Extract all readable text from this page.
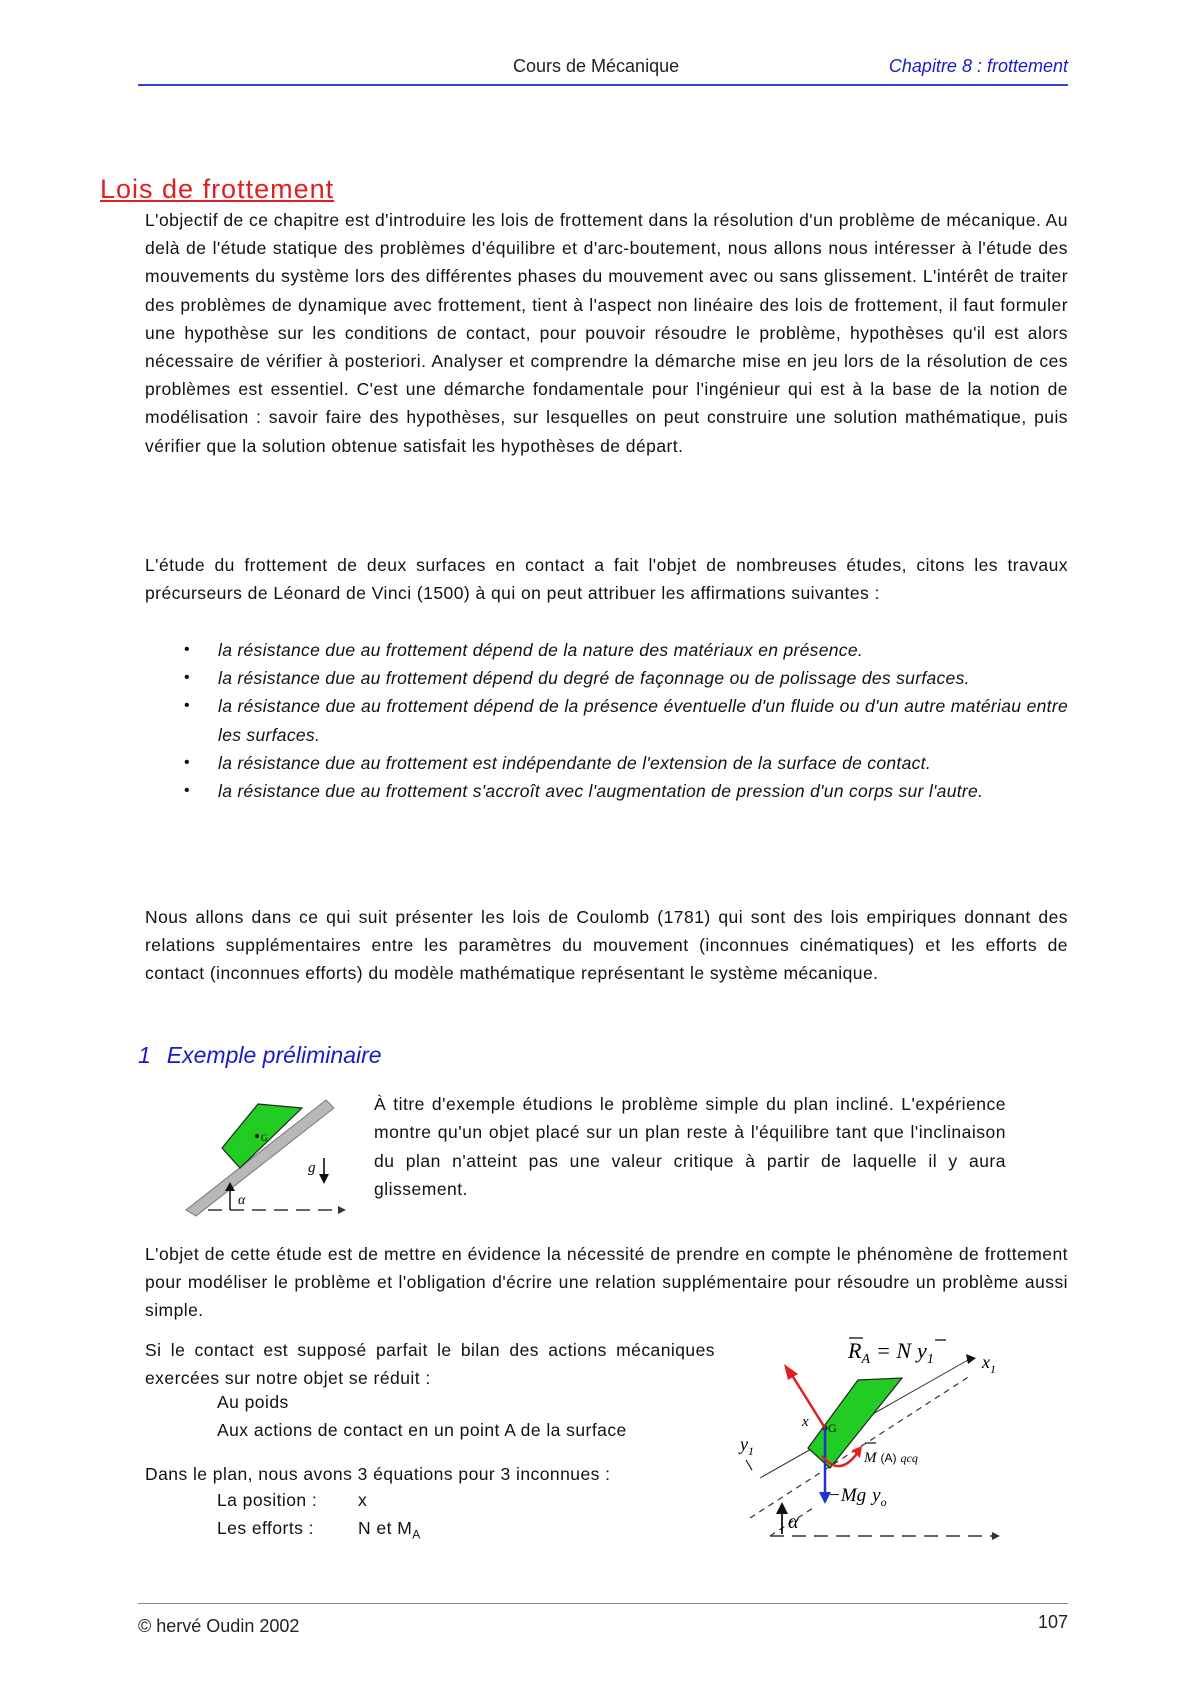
Cours de Mécanique	Chapitre 8 : frottement
Lois de frottement

L'objectif de ce chapitre est d'introduire les lois de frottement dans la résolution d'un problème de mécanique. Au delà de l'étude statique des problèmes d'équilibre et d'arc-boutement, nous allons nous intéresser à l'étude des mouvements du système lors des différentes phases du mouvement avec ou sans glissement. L'intérêt de traiter des problèmes de dynamique avec frottement, tient à l'aspect non linéaire des lois de frottement, il faut formuler une hypothèse sur les conditions de contact, pour pouvoir résoudre le problème, hypothèses qu'il est alors nécessaire de vérifier à posteriori. Analyser et comprendre la démarche mise en jeu lors de la résolution de ces problèmes est essentiel. C'est une démarche fondamentale pour l'ingénieur qui est à la base de la notion de modélisation : savoir faire des hypothèses, sur lesquelles on peut construire une solution mathématique, puis vérifier que la solution obtenue satisfait les hypothèses de départ.

L'étude du frottement de deux surfaces en contact a fait l'objet de nombreuses études, citons les travaux précurseurs de Léonard de Vinci (1500) à qui on peut attribuer les affirmations suivantes :

• la résistance due au frottement dépend de la nature des matériaux en présence.
• la résistance due au frottement dépend du degré de façonnage ou de polissage des surfaces.
• la résistance due au frottement dépend de la présence éventuelle d'un fluide ou d'un autre matériau entre les surfaces.
• la résistance due au frottement est indépendante de l'extension de la surface de contact.
• la résistance due au frottement s'accroît avec l'augmentation de pression d'un corps sur l'autre.

Nous allons dans ce qui suit présenter les lois de Coulomb (1781) qui sont des lois empiriques donnant des relations supplémentaires entre les paramètres du mouvement (inconnues cinématiques) et les efforts de contact (inconnues efforts) du modèle mathématique représentant le système mécanique.

1 Exemple préliminaire
G
g
α

À titre d'exemple étudions le problème simple du plan incliné. L'expérience montre qu'un objet placé sur un plan reste à l'équilibre tant que l'inclinaison du plan n'atteint pas une valeur critique à partir de laquelle il y aura glissement.

L'objet de cette étude est de mettre en évidence la nécessité de prendre en compte le phénomène de frottement pour modéliser le problème et l'obligation d'écrire une relation supplémentaire pour résoudre un problème aussi simple.

Si le contact est supposé parfait le bilan des actions mécaniques exercées sur notre objet se réduit :

Au poids
Aux actions de contact en un point A de la surface
Dans le plan, nous avons 3 équations pour 3 inconnues :
La position : x
Les efforts :	N et $M_A$
$R_A = N$ $y_1$	$x_1$
$y_1$
x G
−Mg $y_o$
M (A) qcq
α
© hervé Oudin 2002	107
